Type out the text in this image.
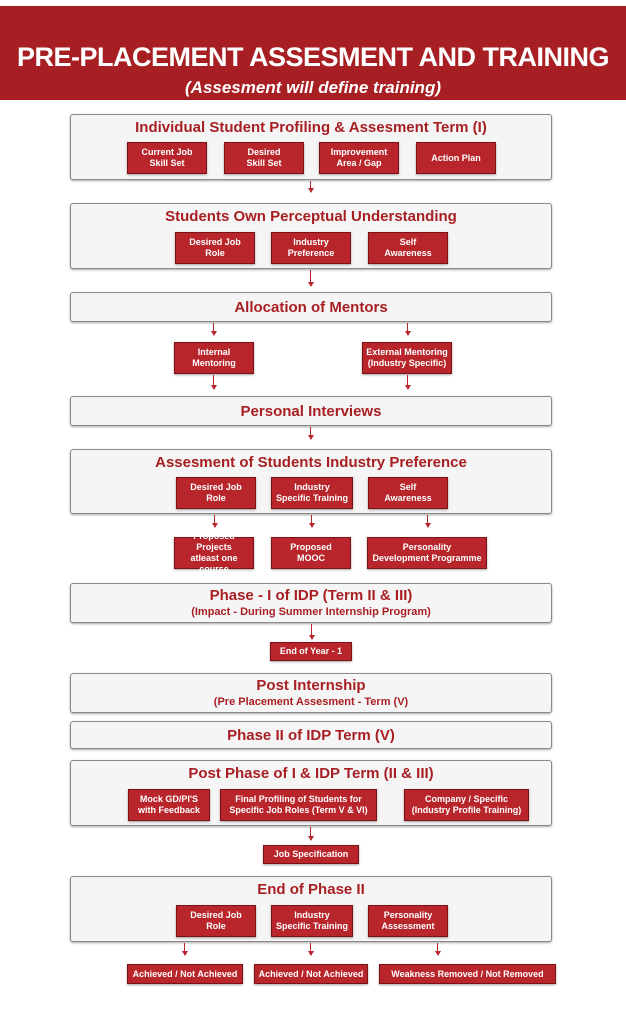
PRE-PLACEMENT ASSESMENT AND TRAINING
(Assesment will define training)
Individual Student Profiling & Assesment Term (I)
Current Job
Skill Set
Desired
Skill Set
Improvement
Area / Gap
Action Plan
Students Own Perceptual Understanding
Desired Job
Role
Industry
Preference
Self
Awareness
Allocation of Mentors
Internal
Mentoring
External Mentoring
(Industry Specific)
Personal Interviews
Assesment of Students Industry Preference
Desired Job
Role
Industry
Specific Training
Self
Awareness
Proposed Projects
atleast one course
Proposed
MOOC
Personality
Development Programme
Phase - I of IDP (Term II & III)
(Impact - During Summer Internship Program)
End of Year - 1
Post Internship
(Pre Placement Assesment - Term (V)
Phase II of IDP Term (V)
Post Phase of I & IDP Term (II & III)
Mock GD/PI'S
with Feedback
Final Profiling of Students for
Specific Job Roles (Term V & VI)
Company / Specific
(Industry Profile Training)
Job Specification
End of Phase II
Desired Job
Role
Industry
Specific Training
Personality
Assessment
Achieved / Not Achieved	Achieved / Not Achieved	Weakness Removed / Not Removed
